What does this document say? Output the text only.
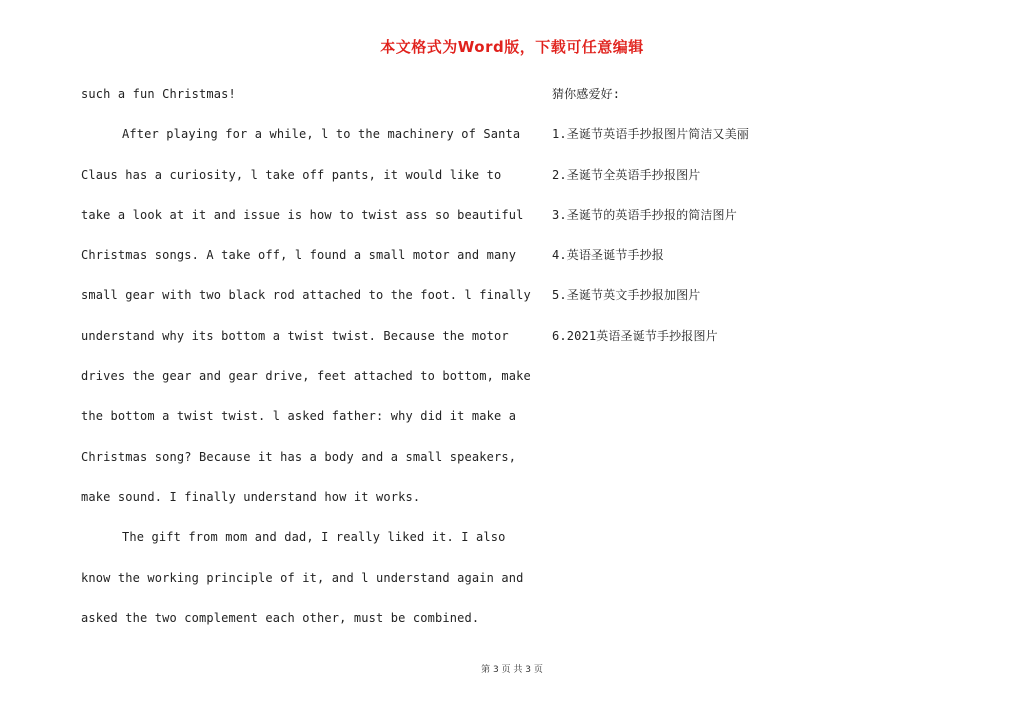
本文格式为Word版，下载可任意编辑
such a fun Christmas!
After playing for a while, l to the machinery of Santa
Claus has a curiosity, l take off pants, it would like to
take a look at it and issue is how to twist ass so beautiful
Christmas songs. A take off, l found a small motor and many
small gear with two black rod attached to the foot. l finally
understand why its bottom a twist twist. Because the motor
drives the gear and gear drive, feet attached to bottom, make
the bottom a twist twist. l asked father: why did it make a
Christmas song? Because it has a body and a small speakers,
make sound. I finally understand how it works.
The gift from mom and dad, I really liked it. I also
know the working principle of it, and l understand again and
asked the two complement each other, must be combined.
猜你感爱好:
1.圣诞节英语手抄报图片简洁又美丽
2.圣诞节全英语手抄报图片
3.圣诞节的英语手抄报的简洁图片
4.英语圣诞节手抄报
5.圣诞节英文手抄报加图片
6.2021英语圣诞节手抄报图片
第 3 页 共 3 页
